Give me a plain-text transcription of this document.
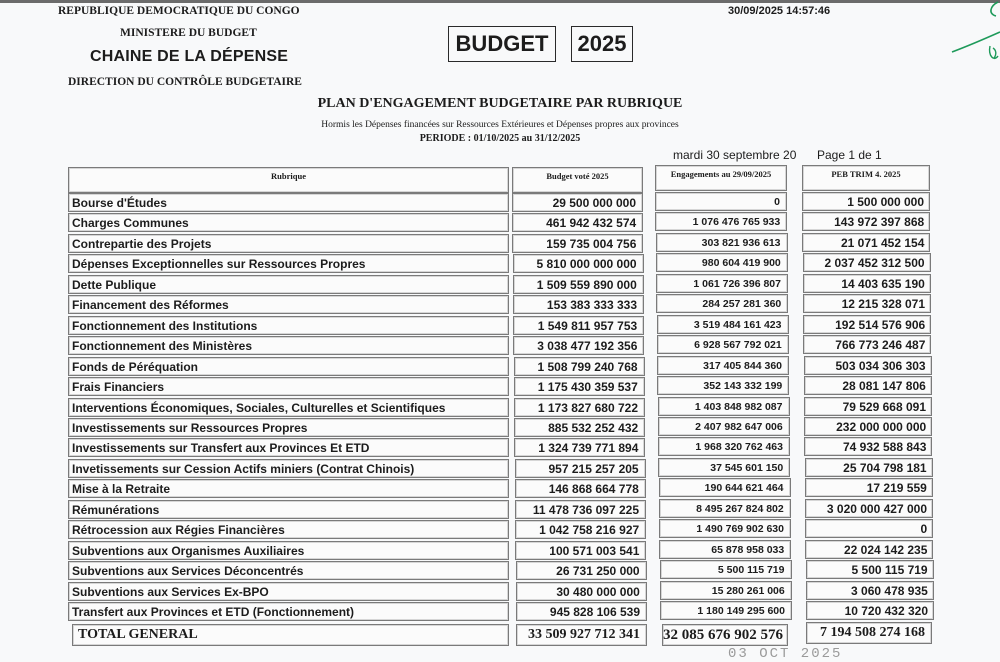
REPUBLIQUE DEMOCRATIQUE DU CONGO
MINISTERE DU BUDGET
CHAINE DE LA DÉPENSE
DIRECTION DU CONTRÔLE BUDGETAIRE
30/09/2025 14:57:46
BUDGET	2025
PLAN D'ENGAGEMENT BUDGETAIRE PAR RUBRIQUE
Hormis les Dépenses financées sur Ressources Extérieures et Dépenses propres aux provinces
PERIODE : 01/10/2025 au 31/12/2025
mardi 30 septembre 20 Page 1 de 1
Rubrique	Budget voté 2025	Engagements au 29/09/2025	PEB TRIM 4. 2025
Bourse d'Études	29 500 000 000	0	1 500 000 000
Charges Communes	461 942 432 574	1 076 476 765 933	143 972 397 868
Contrepartie des Projets	159 735 004 756	303 821 936 613	21 071 452 154
Dépenses Exceptionnelles sur Ressources Propres	5 810 000 000 000	980 604 419 900	2 037 452 312 500
Dette Publique	1 509 559 890 000	1 061 726 396 807	14 403 635 190
Financement des Réformes	153 383 333 333	284 257 281 360	12 215 328 071
Fonctionnement des Institutions	1 549 811 957 753	3 519 484 161 423	192 514 576 906
Fonctionnement des Ministères	3 038 477 192 356	6 928 567 792 021	766 773 246 487
Fonds de Péréquation	1 508 799 240 768	317 405 844 360	503 034 306 303
Frais Financiers	1 175 430 359 537	352 143 332 199	28 081 147 806
Interventions Économiques, Sociales, Culturelles et Scientifiques	1 173 827 680 722	1 403 848 982 087	79 529 668 091
Investissements sur Ressources Propres	885 532 252 432	2 407 982 647 006	232 000 000 000
Investissements sur Transfert aux Provinces Et ETD	1 324 739 771 894	1 968 320 762 463	74 932 588 843
Invetissements sur Cession Actifs miniers (Contrat Chinois)	957 215 257 205	37 545 601 150	25 704 798 181
Mise à la Retraite	146 868 664 778	190 644 621 464	17 219 559
Rémunérations	11 478 736 097 225	8 495 267 824 802	3 020 000 427 000
Rétrocession aux Régies Financières	1 042 758 216 927	1 490 769 902 630	0
Subventions aux Organismes Auxiliaires	100 571 003 541	65 878 958 033	22 024 142 235
Subventions aux Services Déconcentrés	26 731 250 000	5 500 115 719	5 500 115 719
Subventions aux Services Ex-BPO	30 480 000 000	15 280 261 006	3 060 478 935
Transfert aux Provinces et ETD (Fonctionnement)	945 828 106 539	1 180 149 295 600	10 720 432 320
TOTAL GENERAL	33 509 927 712 341	32 085 676 902 576	7 194 508 274 168
03 OCT 2025
